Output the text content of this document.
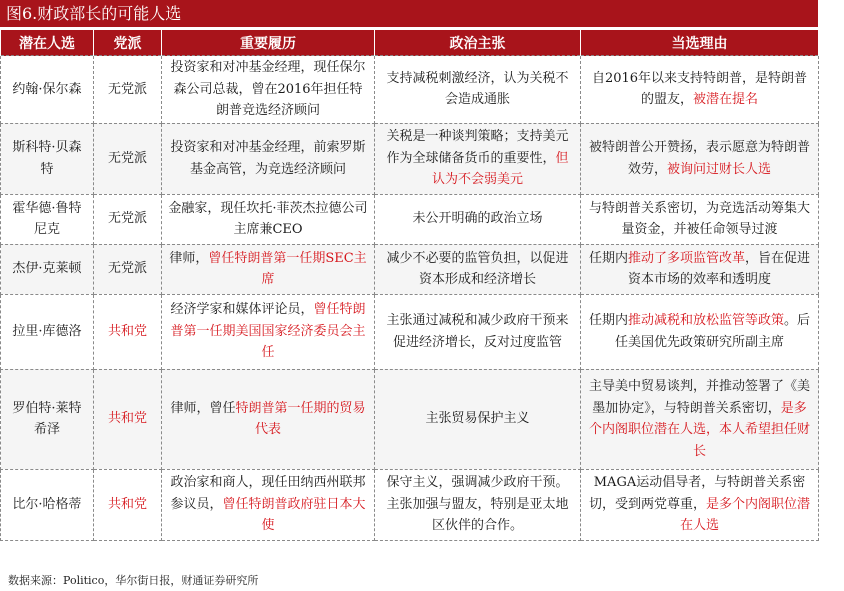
图6.财政部长的可能人选
潜在人选	党派	重要履历	政治主张	当选理由
约翰·保尔森	无党派	投资家和对冲基金经理，现任保尔森公司总裁，曾在2016年担任特朗普竞选经济顾问	支持减税刺激经济，认为关税不会造成通胀	自2016年以来支持特朗普，是特朗普的盟友，被潜在提名
斯科特·贝森特	无党派	投资家和对冲基金经理，前索罗斯基金高管，为竞选经济顾问	关税是一种谈判策略；支持美元作为全球储备货币的重要性，但认为不会弱美元	被特朗普公开赞扬，表示愿意为特朗普效劳，被询问过财长人选
霍华德·鲁特尼克	无党派	金融家，现任坎托·菲茨杰拉德公司主席兼CEO	未公开明确的政治立场	与特朗普关系密切，为竞选活动筹集大量资金，并被任命领导过渡
杰伊·克莱顿	无党派	律师，曾任特朗普第一任期SEC主席	减少不必要的监管负担，以促进资本形成和经济增长	任期内推动了多项监管改革，旨在促进资本市场的效率和透明度
拉里·库德洛	共和党	经济学家和媒体评论员，曾任特朗普第一任期美国国家经济委员会主任	主张通过减税和减少政府干预来促进经济增长，反对过度监管	任期内推动减税和放松监管等政策。后任美国优先政策研究所副主席
罗伯特·莱特希泽	共和党	律师，曾任特朗普第一任期的贸易代表	主张贸易保护主义	主导美中贸易谈判，并推动签署了《美墨加协定》，与特朗普关系密切，是多个内阁职位潜在人选，本人希望担任财长
比尔·哈格蒂	共和党	政治家和商人，现任田纳西州联邦参议员，曾任特朗普政府驻日本大使	保守主义，强调减少政府干预。主张加强与盟友，特别是亚太地区伙伴的合作。	MAGA运动倡导者，与特朗普关系密切，受到两党尊重，是多个内阁职位潜在人选
数据来源：Politico，华尔街日报，财通证券研究所
